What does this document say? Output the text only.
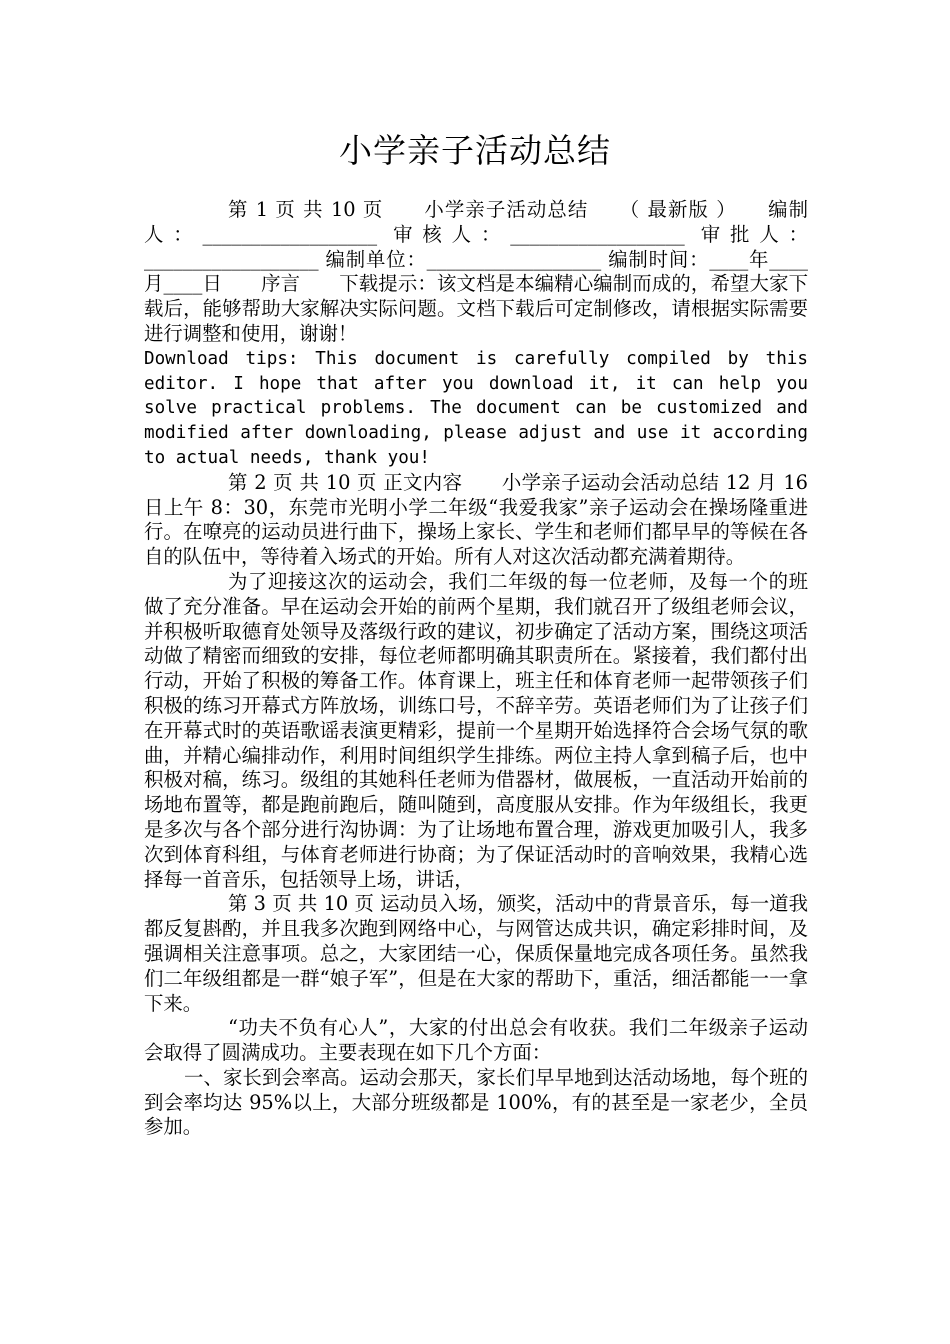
小学亲子活动总结

第 1 页 共 10 页　　小学亲子活动总结　　（ 最新版 ）　　编制人：__________________ 审核人：__________________ 审批人：__________________ 编制单位：__________________ 编制时间：____年____月____日　　序言　　下载提示：该文档是本编精心编制而成的，希望大家下载后，能够帮助大家解决实际问题。文档下载后可定制修改，请根据实际需要进行调整和使用，谢谢！

Download tips: This document is carefully compiled by this editor. I hope that after you download it, it can help you solve practical problems. The document can be customized and modified after downloading, please adjust and use it according to actual needs, thank you!

第 2 页 共 10 页 正文内容　　小学亲子运动会活动总结 12 月 16 日上午 8：30，东莞市光明小学二年级“我爱我家”亲子运动会在操场隆重进行。在嘹亮的运动员进行曲下，操场上家长、学生和老师们都早早的等候在各自的队伍中，等待着入场式的开始。所有人对这次活动都充满着期待。

为了迎接这次的运动会，我们二年级的每一位老师，及每一个的班做了充分准备。早在运动会开始的前两个星期，我们就召开了级组老师会议，并积极听取德育处领导及落级行政的建议，初步确定了活动方案，围绕这项活动做了精密而细致的安排，每位老师都明确其职责所在。紧接着，我们都付出行动，开始了积极的筹备工作。体育课上，班主任和体育老师一起带领孩子们积极的练习开幕式方阵放场，训练口号，不辞辛劳。英语老师们为了让孩子们在开幕式时的英语歌谣表演更精彩，提前一个星期开始选择符合会场气氛的歌曲，并精心编排动作，利用时间组织学生排练。两位主持人拿到稿子后，也中积极对稿，练习。级组的其她科任老师为借器材，做展板，一直活动开始前的场地布置等，都是跑前跑后，随叫随到，高度服从安排。作为年级组长，我更是多次与各个部分进行沟协调：为了让场地布置合理，游戏更加吸引人，我多次到体育科组，与体育老师进行协商；为了保证活动时的音响效果，我精心选择每一首音乐，包括领导上场，讲话，

第 3 页 共 10 页 运动员入场，颁奖，活动中的背景音乐，每一道我都反复斟酌，并且我多次跑到网络中心，与网管达成共识，确定彩排时间，及强调相关注意事项。总之，大家团结一心，保质保量地完成各项任务。虽然我们二年级组都是一群“娘子军”，但是在大家的帮助下，重活，细活都能一一拿下来。

“功夫不负有心人”，大家的付出总会有收获。我们二年级亲子运动会取得了圆满成功。主要表现在如下几个方面：

一、家长到会率高。运动会那天，家长们早早地到达活动场地，每个班的到会率均达 95%以上，大部分班级都是 100%，有的甚至是一家老少，全员参加。
